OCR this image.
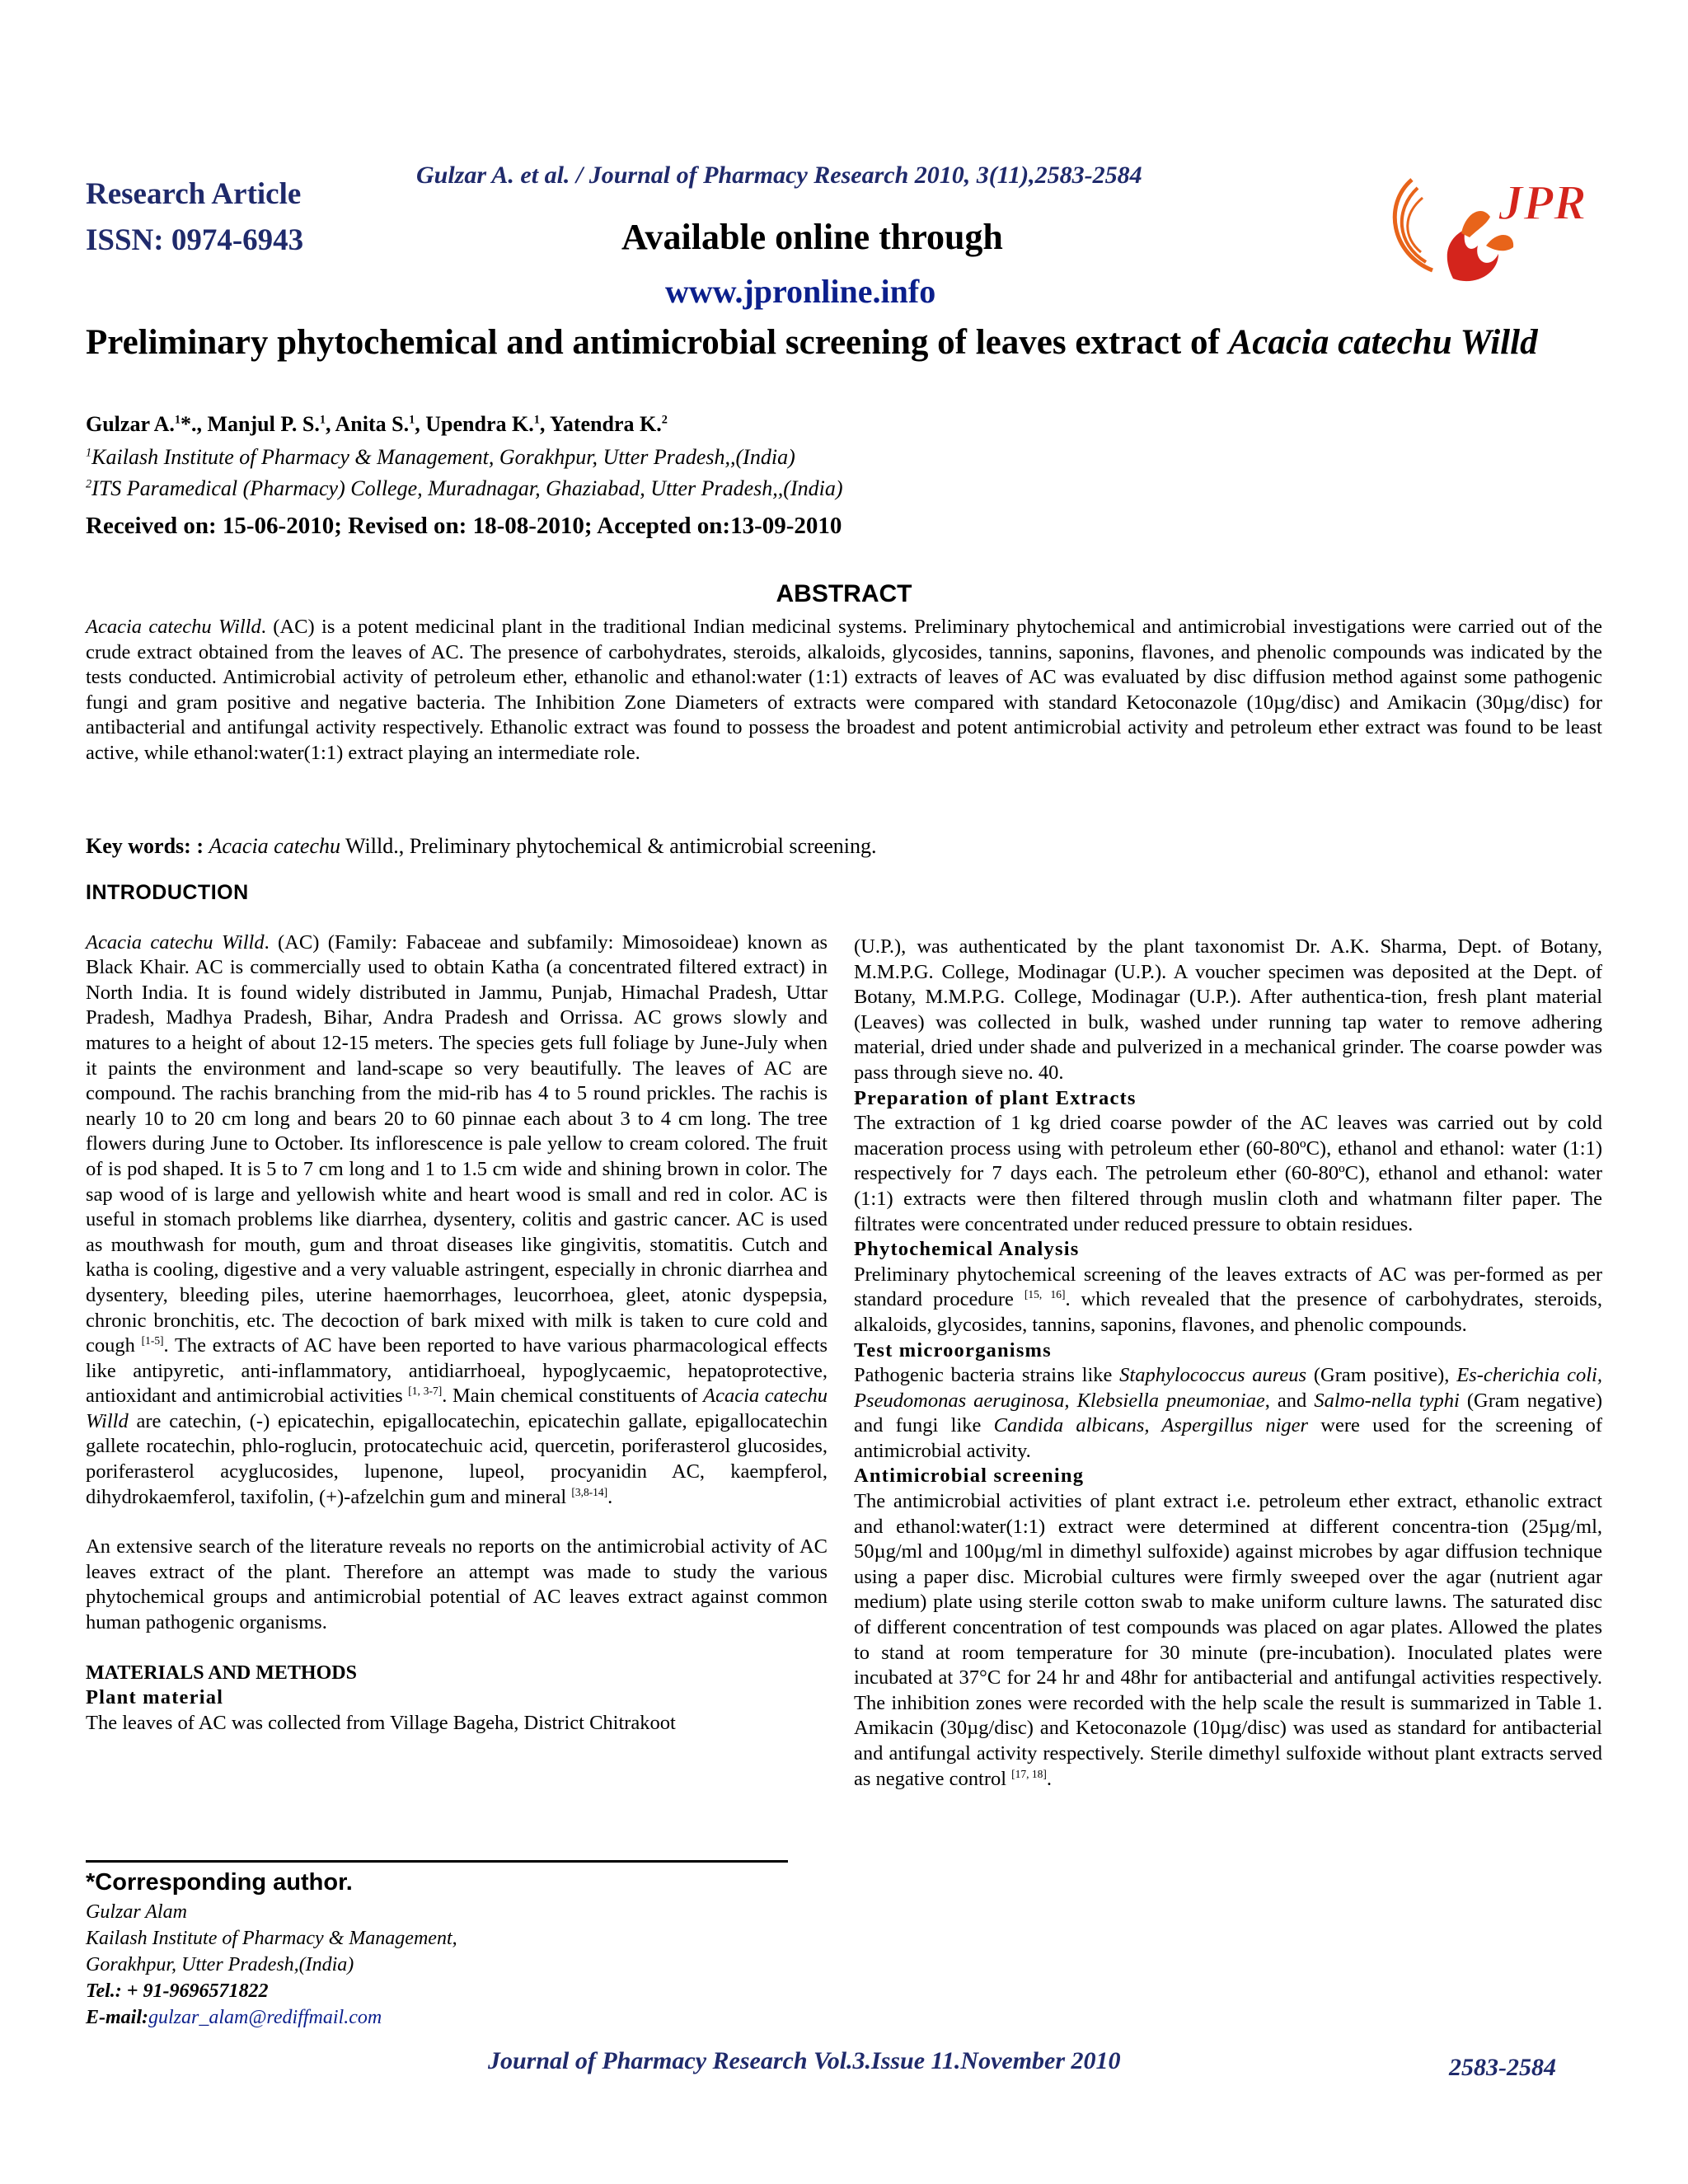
Gulzar A. et al. / Journal of Pharmacy Research 2010, 3(11),2583-2584
Research Article
ISSN: 0974-6943	Available online through
www.jpronline.info
JPR
Preliminary phytochemical and antimicrobial screening of leaves extract of Acacia catechu Willd
Gulzar A.$^1$*., Manjul P. S.$^1$, Anita S.$^1$, Upendra K.$^1$, Yatendra K.$^2$
$^1$Kailash Institute of Pharmacy & Management, Gorakhpur, Utter Pradesh,,(India)
$^2$ITS Paramedical (Pharmacy) College, Muradnagar, Ghaziabad, Utter Pradesh,,(India)
Received on: 15-06-2010; Revised on: 18-08-2010; Accepted on:13-09-2010
ABSTRACT
Acacia catechu Willd. (AC) is a potent medicinal plant in the traditional Indian medicinal systems. Preliminary phytochemical and antimicrobial investigations were carried out of the crude extract obtained from the leaves of AC. The presence of carbohydrates, steroids, alkaloids, glycosides, tannins, saponins, flavones, and phenolic compounds was indicated by the tests conducted. Antimicrobial activity of petroleum ether, ethanolic and ethanol:water (1:1) extracts of leaves of AC was evaluated by disc diffusion method against some pathogenic fungi and gram positive and negative bacteria. The Inhibition Zone Diameters of extracts were compared with standard Ketoconazole (10µg/disc) and Amikacin (30µg/disc) for antibacterial and antifungal activity respectively. Ethanolic extract was found to possess the broadest and potent antimicrobial activity and petroleum ether extract was found to be least active, while ethanol:water(1:1) extract playing an intermediate role.
Key words: : Acacia catechu Willd., Preliminary phytochemical & antimicrobial screening.
INTRODUCTION

Acacia catechu Willd. (AC) (Family: Fabaceae and subfamily: Mimosoideae) known as Black Khair. AC is commercially used to obtain Katha (a concentrated filtered extract) in North India. It is found widely distributed in Jammu, Punjab, Himachal Pradesh, Uttar Pradesh, Madhya Pradesh, Bihar, Andra Pradesh and Orrissa. AC grows slowly and matures to a height of about 12-15 meters. The species gets full foliage by June-July when it paints the environment and land-scape so very beautifully. The leaves of AC are compound. The rachis branching from the mid-rib has 4 to 5 round prickles. The rachis is nearly 10 to 20 cm long and bears 20 to 60 pinnae each about 3 to 4 cm long. The tree flowers during June to October. Its inflorescence is pale yellow to cream colored. The fruit of is pod shaped. It is 5 to 7 cm long and 1 to 1.5 cm wide and shining brown in color. The sap wood of is large and yellowish white and heart wood is small and red in color. AC is useful in stomach problems like diarrhea, dysentery, colitis and gastric cancer. AC is used as mouthwash for mouth, gum and throat diseases like gingivitis, stomatitis. Cutch and katha is cooling, digestive and a very valuable astringent, especially in chronic diarrhea and dysentery, bleeding piles, uterine haemorrhages, leucorrhoea, gleet, atonic dyspepsia, chronic bronchitis, etc. The decoction of bark mixed with milk is taken to cure cold and cough [1-5]. The extracts of AC have been reported to have various pharmacological effects like antipyretic, anti-inflammatory, antidiarrhoeal, hypoglycaemic, hepatoprotective, antioxidant and antimicrobial activities [1, 3-7]. Main chemical constituents of Acacia catechu Willd are catechin, (-) epicatechin, epigallocatechin, epicatechin gallate, epigallocatechin gallete rocatechin, phlo-roglucin, protocatechuic acid, quercetin, poriferasterol glucosides, poriferasterol acyglucosides, lupenone, lupeol, procyanidin AC, kaempferol, dihydrokaemferol, taxifolin, (+)-afzelchin gum and mineral [3,8-14].

An extensive search of the literature reveals no reports on the antimicrobial activity of AC leaves extract of the plant. Therefore an attempt was made to study the various phytochemical groups and antimicrobial potential of AC leaves extract against common human pathogenic organisms.

MATERIALS AND METHODS

Plant material

The leaves of AC was collected from Village Bageha, District Chitrakoot

*Corresponding author.
Gulzar Alam
Kailash Institute of Pharmacy & Management,
Gorakhpur, Utter Pradesh,(India)
Tel.: + 91-9696571822
E-mail:gulzar_alam@rediffmail.com

(U.P.), was authenticated by the plant taxonomist Dr. A.K. Sharma, Dept. of Botany, M.M.P.G. College, Modinagar (U.P.). A voucher specimen was deposited at the Dept. of Botany, M.M.P.G. College, Modinagar (U.P.). After authentica-tion, fresh plant material (Leaves) was collected in bulk, washed under running tap water to remove adhering material, dried under shade and pulverized in a mechanical grinder. The coarse powder was pass through sieve no. 40.

Preparation of plant Extracts

The extraction of 1 kg dried coarse powder of the AC leaves was carried out by cold maceration process using with petroleum ether (60-80ºC), ethanol and ethanol: water (1:1) respectively for 7 days each. The petroleum ether (60-80ºC), ethanol and ethanol: water (1:1) extracts were then filtered through muslin cloth and whatmann filter paper. The filtrates were concentrated under reduced pressure to obtain residues.

Phytochemical Analysis

Preliminary phytochemical screening of the leaves extracts of AC was per-formed as per standard procedure [15, 16]. which revealed that the presence of carbohydrates, steroids, alkaloids, glycosides, tannins, saponins, flavones, and phenolic compounds.

Test microorganisms

Pathogenic bacteria strains like Staphylococcus aureus (Gram positive), Es-cherichia coli, Pseudomonas aeruginosa, Klebsiella pneumoniae, and Salmo-nella typhi (Gram negative) and fungi like Candida albicans, Aspergillus niger were used for the screening of antimicrobial activity.

Antimicrobial screening

The antimicrobial activities of plant extract i.e. petroleum ether extract, ethanolic extract and ethanol:water(1:1) extract were determined at different concentra-tion (25µg/ml, 50µg/ml and 100µg/ml in dimethyl sulfoxide) against microbes by agar diffusion technique using a paper disc. Microbial cultures were firmly sweeped over the agar (nutrient agar medium) plate using sterile cotton swab to make uniform culture lawns. The saturated disc of different concentration of test compounds was placed on agar plates. Allowed the plates to stand at room temperature for 30 minute (pre-incubation). Inoculated plates were incubated at 37°C for 24 hr and 48hr for antibacterial and antifungal activities respectively. The inhibition zones were recorded with the help scale the result is summarized in Table 1. Amikacin (30µg/disc) and Ketoconazole (10µg/disc) was used as standard for antibacterial and antifungal activity respectively. Sterile dimethyl sulfoxide without plant extracts served as negative control [17, 18].

Journal of Pharmacy Research Vol.3.Issue 11.November 2010	2583-2584
